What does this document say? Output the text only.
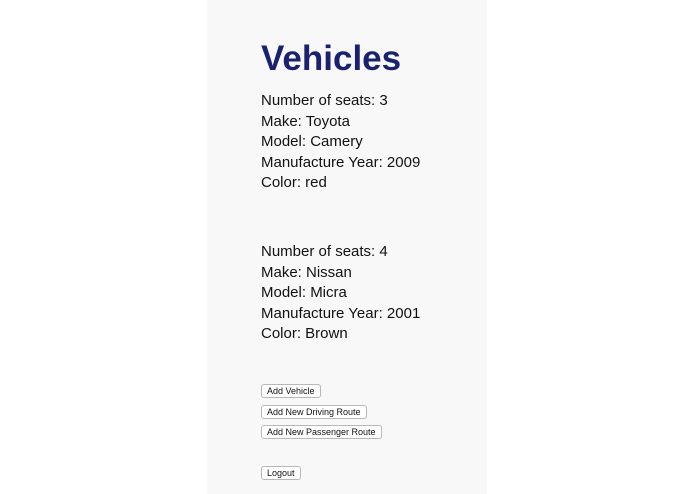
Vehicles
Number of seats: 3
Make: Toyota
Model: Camery
Manufacture Year: 2009
Color: red
Number of seats: 4
Make: Nissan
Model: Micra
Manufacture Year: 2001
Color: Brown
Add Vehicle
Add New Driving Route
Add New Passenger Route
Logout
